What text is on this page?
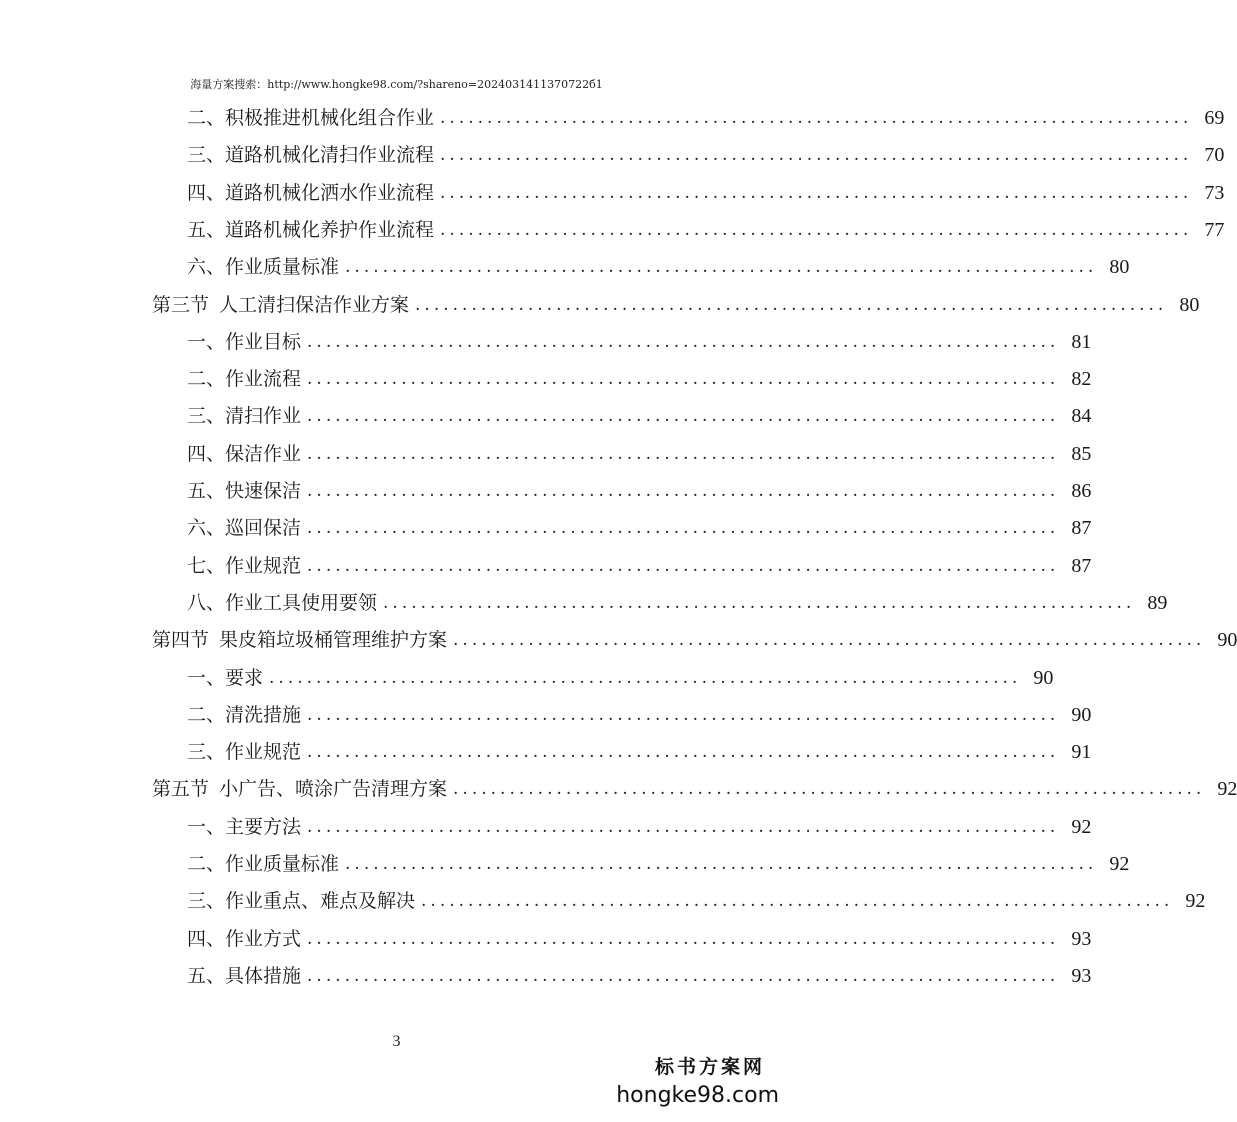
海量方案搜索：http://www.hongke98.com/?shareno=2024031411370722б1
二、积极推进机械化组合作业 ................................................................................ 69
三、道路机械化清扫作业流程 ................................................................................ 70
四、道路机械化洒水作业流程 ................................................................................ 73
五、道路机械化养护作业流程 ................................................................................ 77
六、作业质量标准 ................................................................................ 80
第三节 人工清扫保洁作业方案 ................................................................................ 80
一、作业目标 ................................................................................ 81
二、作业流程 ................................................................................ 82
三、清扫作业 ................................................................................ 84
四、保洁作业 ................................................................................ 85
五、快速保洁 ................................................................................ 86
六、巡回保洁 ................................................................................ 87
七、作业规范 ................................................................................ 87
八、作业工具使用要领 ................................................................................ 89
第四节 果皮箱垃圾桶管理维护方案 ................................................................................ 90
一、要求 ................................................................................ 90
二、清洗措施 ................................................................................ 90
三、作业规范 ................................................................................ 91
第五节 小广告、喷涂广告清理方案 ................................................................................ 92
一、主要方法 ................................................................................ 92
二、作业质量标准 ................................................................................ 92
三、作业重点、难点及解决 ................................................................................ 92
四、作业方式 ................................................................................ 93
五、具体措施 ................................................................................ 93
3
标书方案网
hongke98.com
